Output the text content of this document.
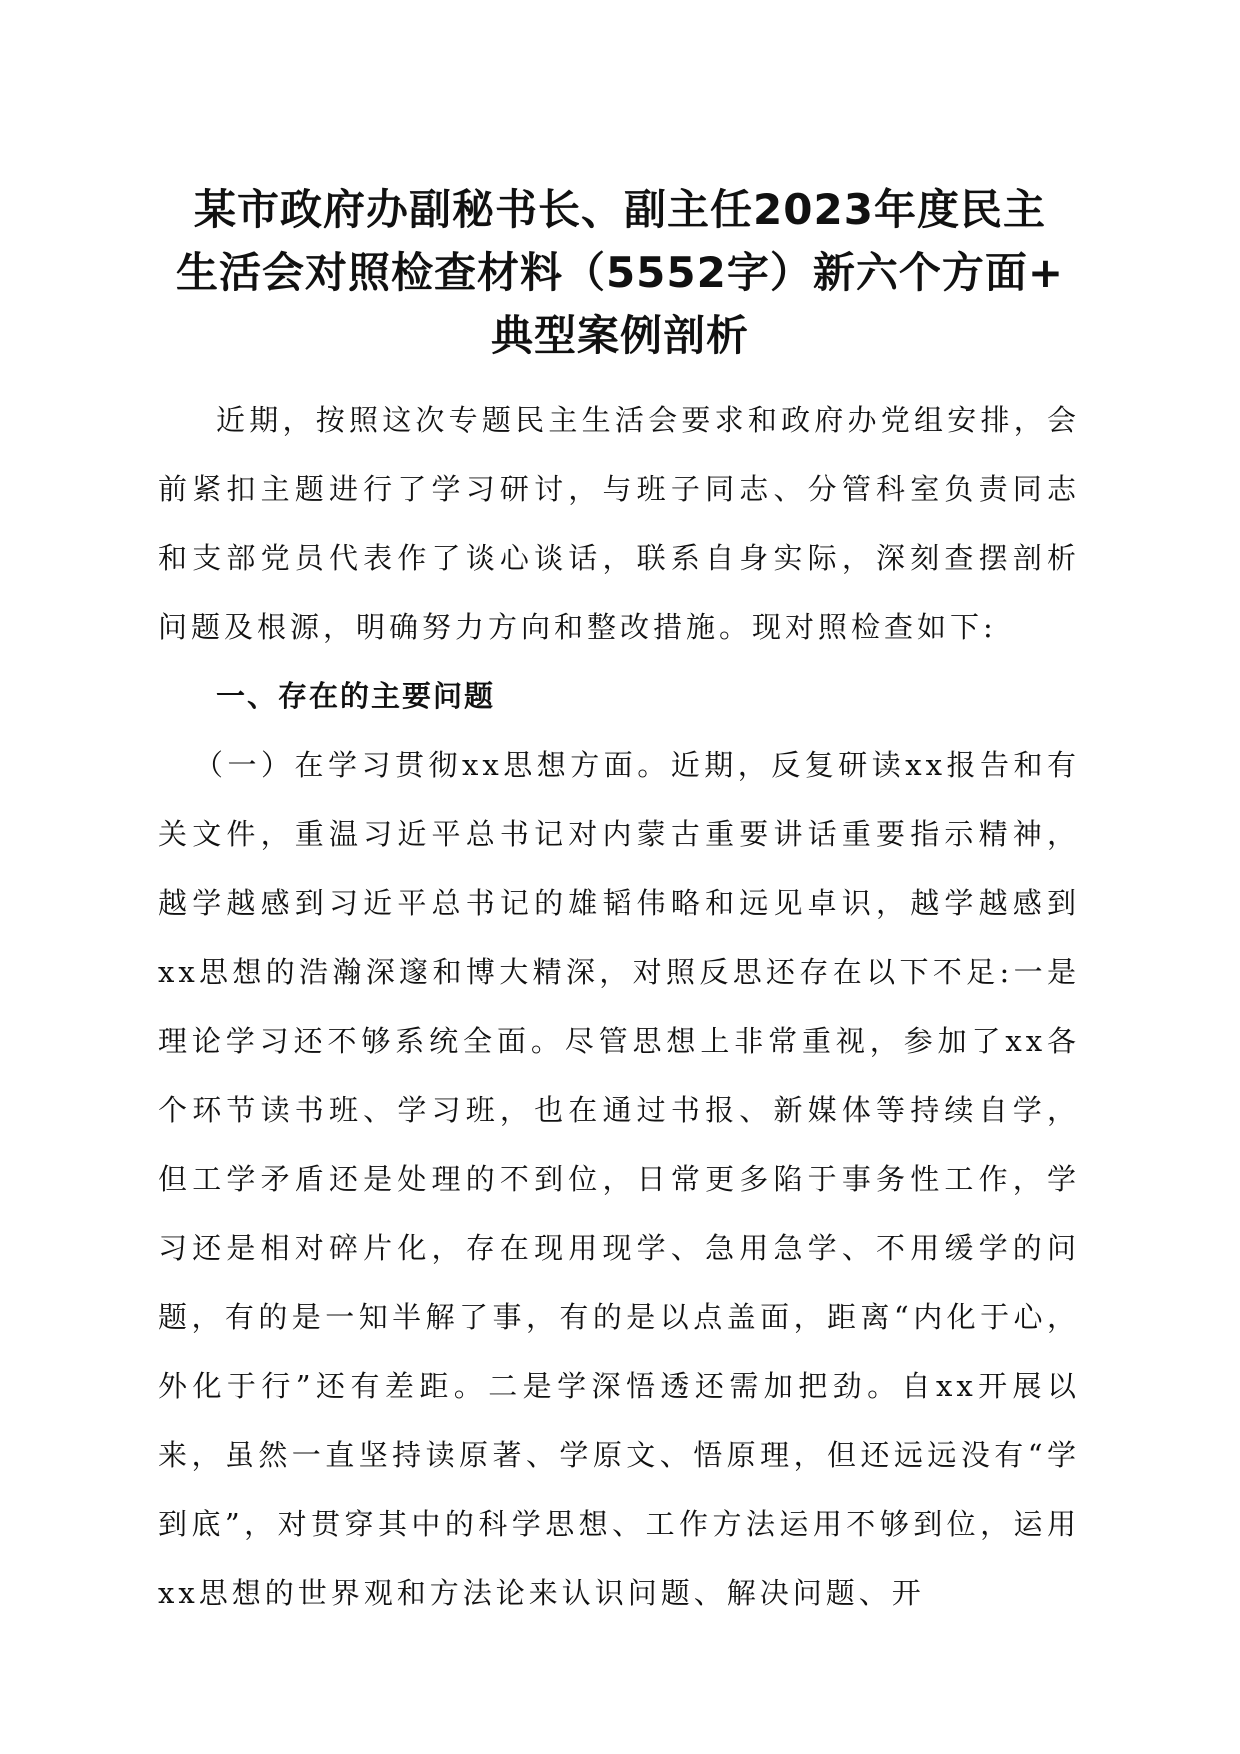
某市政府办副秘书长、副主任2023年度民主
生活会对照检查材料（5552字）新六个方面+
典型案例剖析

近期，按照这次专题民主生活会要求和政府办党组安排，会前紧扣主题进行了学习研讨，与班子同志、分管科室负责同志和支部党员代表作了谈心谈话，联系自身实际，深刻查摆剖析问题及根源，明确努力方向和整改措施。现对照检查如下:

一、存在的主要问题

（一）在学习贯彻xx思想方面。近期，反复研读xx报告和有关文件，重温习近平总书记对内蒙古重要讲话重要指示精神，越学越感到习近平总书记的雄韬伟略和远见卓识，越学越感到xx思想的浩瀚深邃和博大精深，对照反思还存在以下不足:一是理论学习还不够系统全面。尽管思想上非常重视，参加了xx各个环节读书班、学习班，也在通过书报、新媒体等持续自学，但工学矛盾还是处理的不到位，日常更多陷于事务性工作，学习还是相对碎片化，存在现用现学、急用急学、不用缓学的问题，有的是一知半解了事，有的是以点盖面，距离“内化于心，外化于行”还有差距。二是学深悟透还需加把劲。自xx开展以来，虽然一直坚持读原著、学原文、悟原理，但还远远没有“学到底”，对贯穿其中的科学思想、工作方法运用不够到位，运用xx思想的世界观和方法论来认识问题、解决问题、开
